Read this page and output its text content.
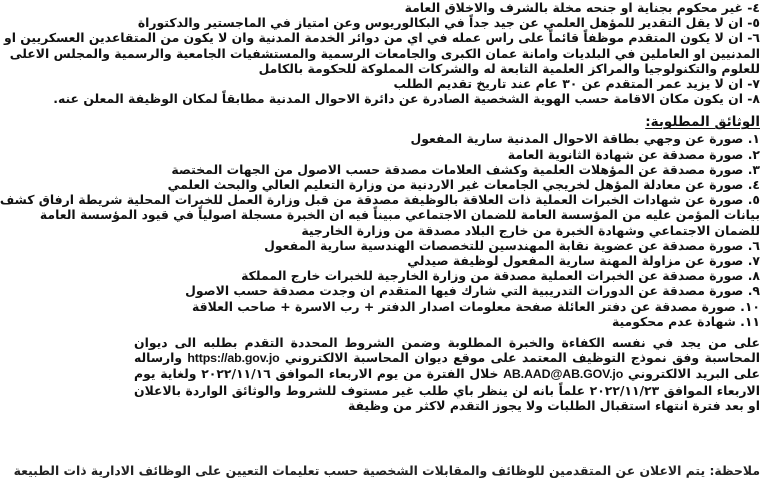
٤- غير محكوم بجناية او جنحه مخلة بالشرف والاخلاق العامة
٥- ان لا يقل التقدير للمؤهل العلمي عن جيد جداً في البكالوريوس وعن امتياز في الماجستير والدكتوراة
٦- ان لا يكون المتقدم موظفاً قائماً على راس عمله في اي من دوائر الخدمة المدنية وان لا يكون من المتقاعدين العسكريين او
المدنيين او العاملين في البلديات وامانة عمان الكبرى والجامعات الرسمية والمستشفيات الجامعية والرسمية والمجلس الاعلى
للعلوم والتكنولوجيا والمراكز العلمية التابعة له والشركات المملوكة للحكومة بالكامل
٧- ان لا يزيد عمر المتقدم عن ٣٠ عام عند تاريخ تقديم الطلب
٨- ان يكون مكان الاقامة حسب الهوية الشخصية الصادرة عن دائرة الاحوال المدنية مطابقاً لمكان الوظيفة المعلن عنه.
الوثائق المطلوبة:
١. صورة عن وجهي بطاقة الاحوال المدنية سارية المفعول
٢. صورة مصدقة عن شهادة الثانوية العامة
٣. صورة مصدقة عن المؤهلات العلمية وكشف العلامات مصدقة حسب الاصول من الجهات المختصة
٤. صورة عن معادلة المؤهل لخريجي الجامعات غير الاردنية من وزارة التعليم العالي والبحث العلمي
٥. صورة عن شهادات الخبرات العملية ذات العلاقة بالوظيفة مصدقة من قبل وزارة العمل للخبرات المحلية شريطة ارفاق كشف
بيانات المؤمن عليه من المؤسسة العامة للضمان الاجتماعي مبيناً فيه ان الخبرة مسجلة اصولياً في قيود المؤسسة العامة
للضمان الاجتماعي وشهادة الخبرة من خارج البلاد مصدقة من وزارة الخارجية
٦. صورة مصدقة عن عضوية نقابة المهندسين للتخصصات الهندسية سارية المفعول
٧. صورة عن مزاولة المهنة سارية المفعول لوظيفة صيدلي
٨. صورة مصدقة عن الخبرات العملية مصدقة من وزارة الخارجية للخبرات خارج المملكة
٩. صورة مصدقة عن الدورات التدريبية التي شارك فيها المتقدم ان وجدت مصدقة حسب الاصول
١٠. صورة مصدقة عن دفتر العائلة صفحة معلومات اصدار الدفتر + رب الاسرة + صاحب العلاقة
١١. شهادة عدم محكومية

على من يجد في نفسه الكفاءة والخبرة المطلوبة وضمن الشروط المحددة التقدم بطلبه الى ديوان المحاسبة وفق نموذج التوظيف المعتمد على موقع ديوان المحاسبة الالكتروني https://ab.gov.jo وارساله على البريد الالكتروني AB.AAD@AB.GOV.jo خلال الفترة من يوم الاربعاء الموافق ٢٠٢٢/١١/١٦ ولغاية يوم الاربعاء الموافق ٢٠٢٢/١١/٢٣ علماً بانه لن ينظر باي طلب غير مستوف للشروط والوثائق الواردة بالاعلان او بعد فترة انتهاء استقبال الطلبات ولا يجوز التقدم لاكثر من وظيفة

ملاحظة: يتم الاعلان عن المتقدمين للوظائف والمقابلات الشخصية حسب تعليمات التعيين على الوظائف الادارية ذات الطبيعة
